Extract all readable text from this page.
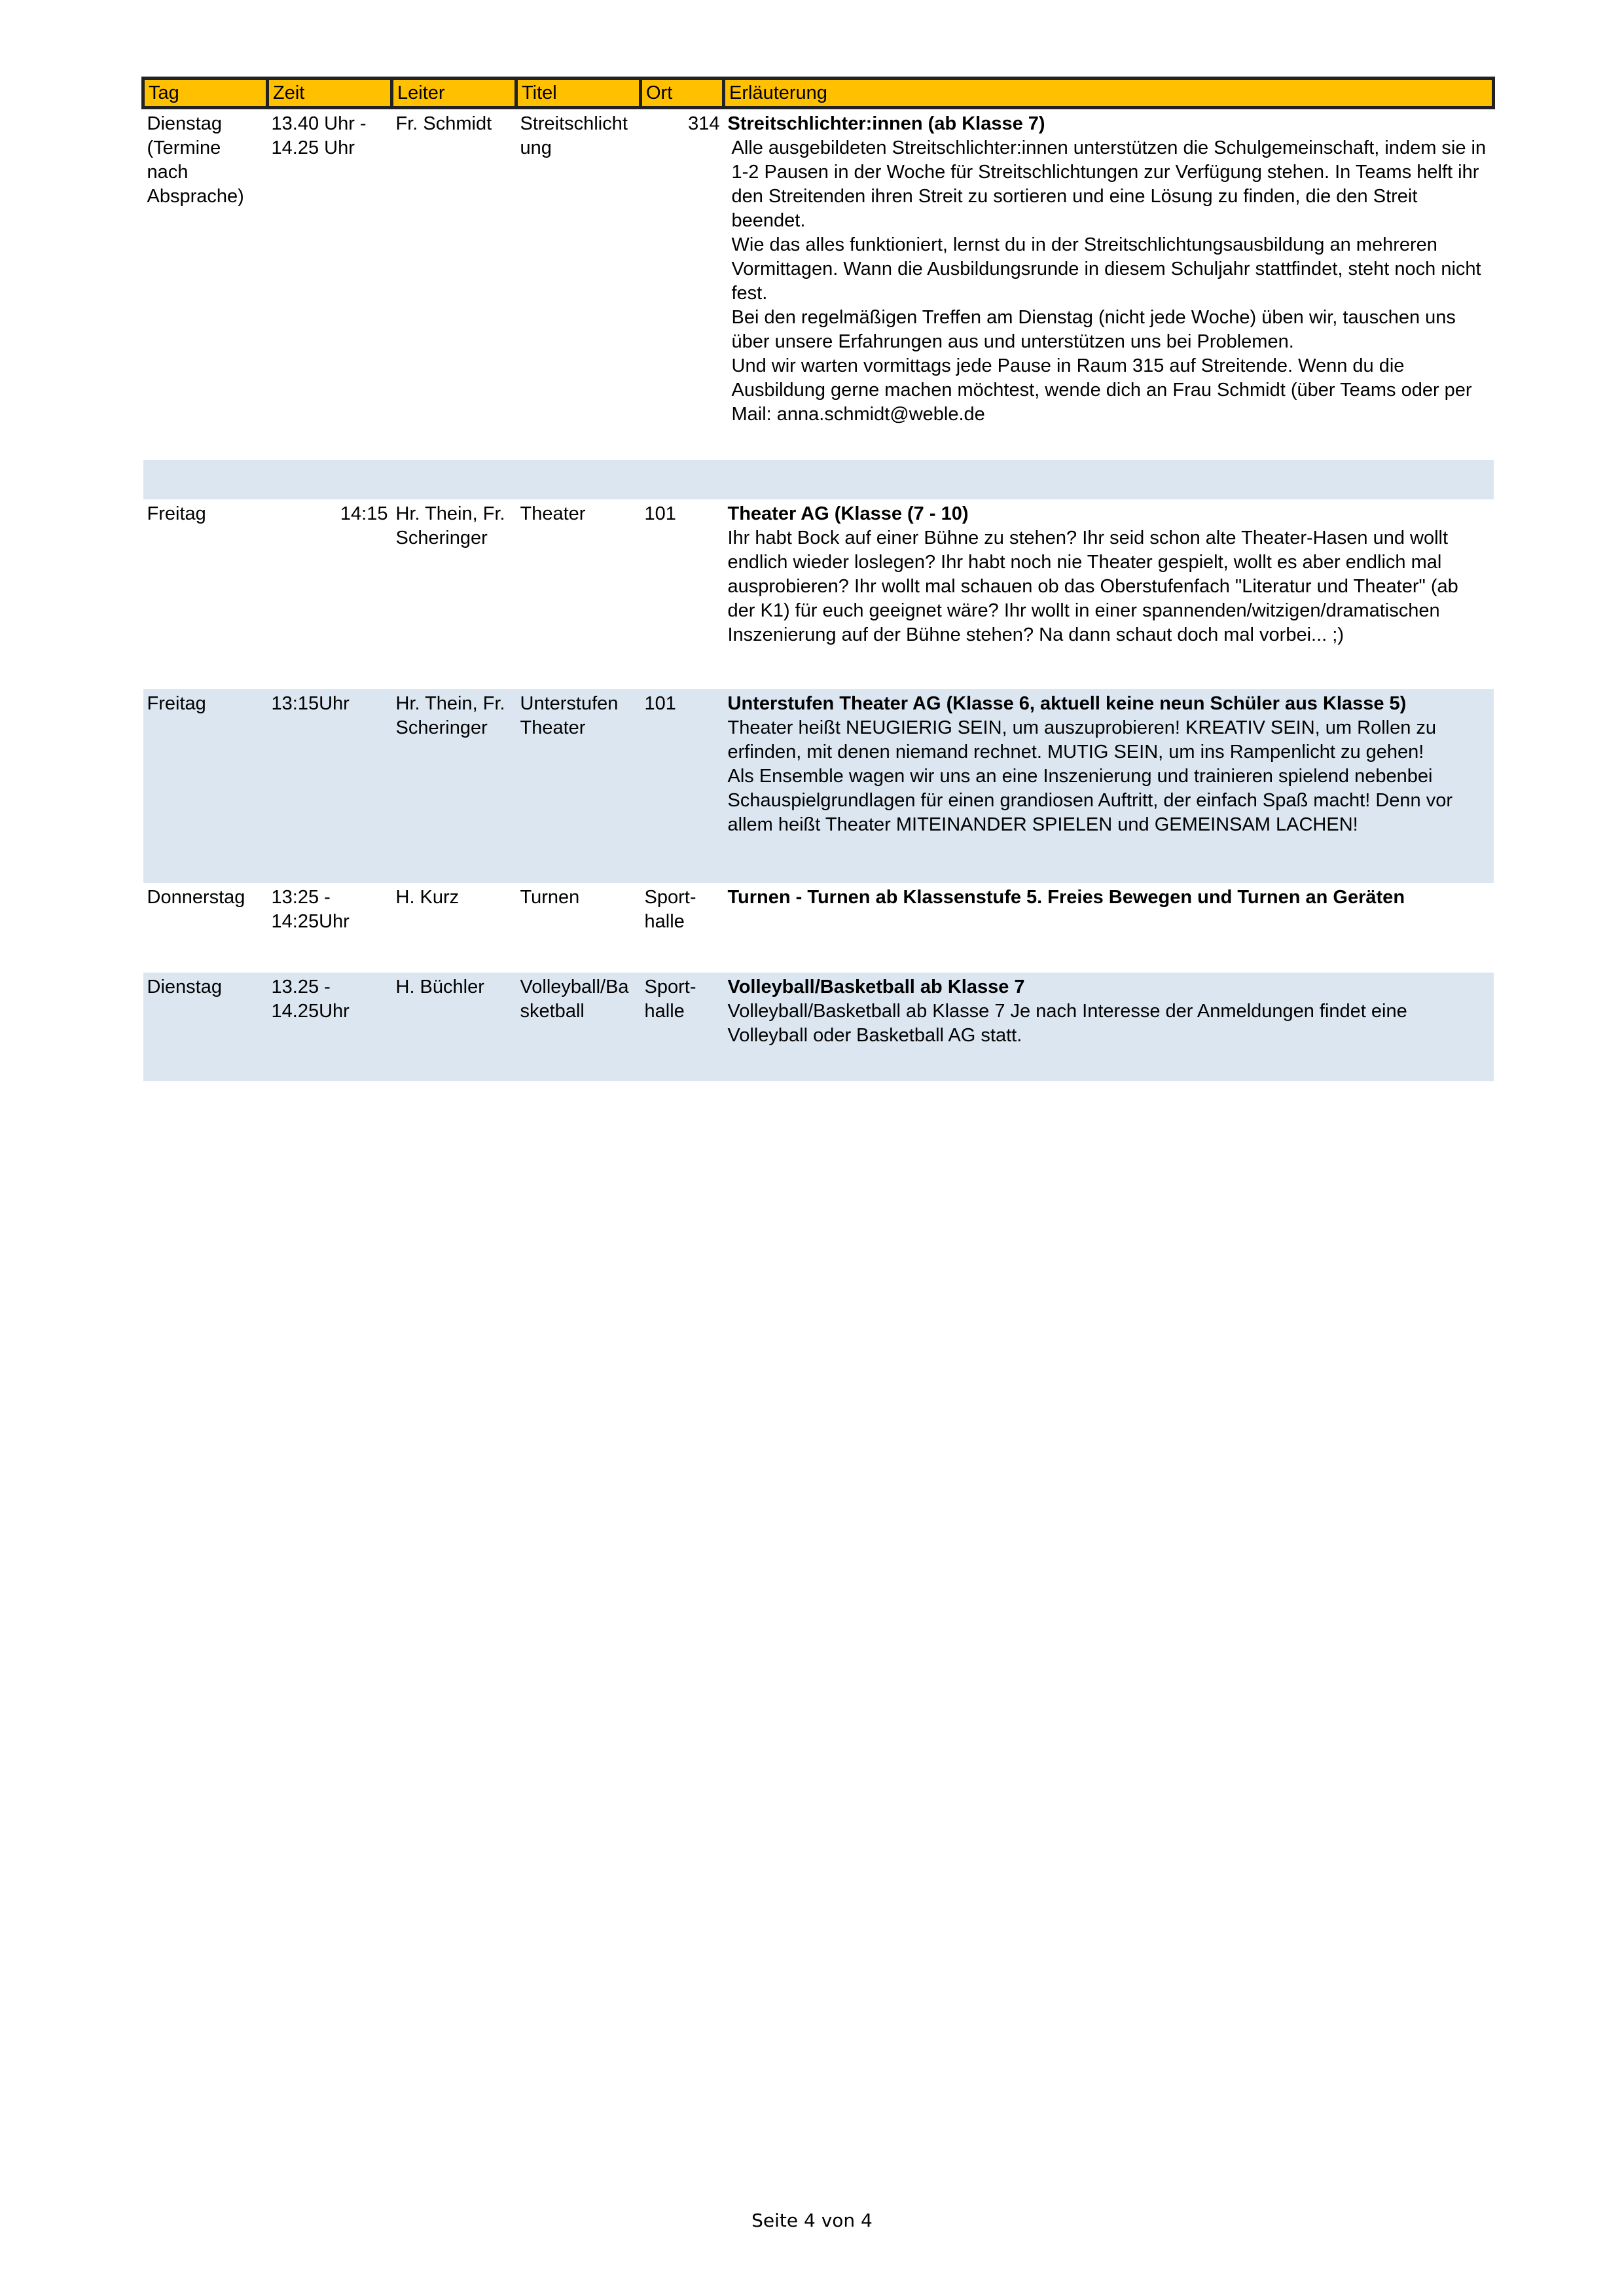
Tag	Zeit	Leiter	Titel	Ort	Erläuterung
Dienstag (Termine nach Absprache)	13.40 Uhr - 14.25 Uhr	Fr. Schmidt	Streitschlichtung	314	Streitschlichter:innen (ab Klasse 7)
Alle ausgebildeten Streitschlichter:innen unterstützen die Schulgemeinschaft, indem sie in 1-2 Pausen in der Woche für Streitschlichtungen zur Verfügung stehen. In Teams helft ihr den Streitenden ihren Streit zu sortieren und eine Lösung zu finden, die den Streit beendet.
Wie das alles funktioniert, lernst du in der Streitschlichtungsausbildung an mehreren Vormittagen. Wann die Ausbildungsrunde in diesem Schuljahr stattfindet, steht noch nicht fest.
Bei den regelmäßigen Treffen am Dienstag (nicht jede Woche) üben wir, tauschen uns über unsere Erfahrungen aus und unterstützen uns bei Problemen.
Und wir warten vormittags jede Pause in Raum 315 auf Streitende. Wenn du die Ausbildung gerne machen möchtest, wende dich an Frau Schmidt (über Teams oder per Mail: anna.schmidt@weble.de

Freitag	14:15	Hr. Thein, Fr. Scheringer	Theater	101	Theater AG (Klasse (7 - 10)
Ihr habt Bock auf einer Bühne zu stehen? Ihr seid schon alte Theater-Hasen und wollt endlich wieder loslegen? Ihr habt noch nie Theater gespielt, wollt es aber endlich mal ausprobieren? Ihr wollt mal schauen ob das Oberstufenfach "Literatur und Theater" (ab der K1) für euch geeignet wäre? Ihr wollt in einer spannenden/witzigen/dramatischen Inszenierung auf der Bühne stehen? Na dann schaut doch mal vorbei... ;)

Freitag	13:15Uhr	Hr. Thein, Fr. Scheringer	Unterstufen Theater	101	Unterstufen Theater AG (Klasse 6, aktuell keine neun Schüler aus Klasse 5)
Theater heißt NEUGIERIG SEIN, um auszuprobieren! KREATIV SEIN, um Rollen zu erfinden, mit denen niemand rechnet. MUTIG SEIN, um ins Rampenlicht zu gehen!
Als Ensemble wagen wir uns an eine Inszenierung und trainieren spielend nebenbei Schauspielgrundlagen für einen grandiosen Auftritt, der einfach Spaß macht! Denn vor allem heißt Theater MITEINANDER SPIELEN und GEMEINSAM LACHEN!

Donnerstag	13:25 - 14:25Uhr	H. Kurz	Turnen	Sport-halle	Turnen - Turnen ab Klassenstufe 5. Freies Bewegen und Turnen an Geräten

Dienstag	13.25 - 14.25Uhr	H. Büchler	Volleyball/Basketball	Sport-halle	Volleyball/Basketball ab Klasse 7
Volleyball/Basketball ab Klasse 7 Je nach Interesse der Anmeldungen findet eine Volleyball oder Basketball AG statt.
Seite 4 von 4
